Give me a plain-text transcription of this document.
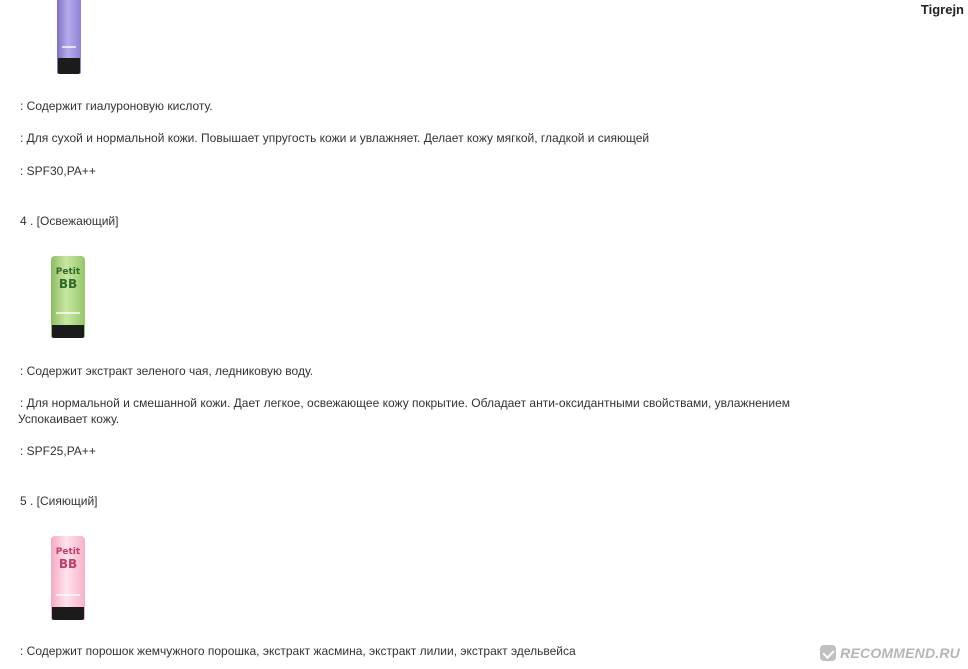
Tigrejn
: Содержит гиалуроновую кислоту.
: Для сухой и нормальной кожи. Повышает упругость кожи и увлажняет. Делает кожу мягкой, гладкой и сияющей
: SPF30,PA++
4 . [Освежающий]
Petit
BB
: Содержит экстракт зеленого чая, ледниковую воду.
: Для нормальной и смешанной кожи. Дает легкое, освежающее кожу покрытие. Обладает анти-оксидантными свойствами, увлажнением
Успокаивает кожу.
: SPF25,PA++
5 . [Сияющий]
Petit
BB
: Содержит порошок жемчужного порошка, экстракт жасмина, экстракт лилии, экстракт эдельвейса	RECOMMEND.RU
